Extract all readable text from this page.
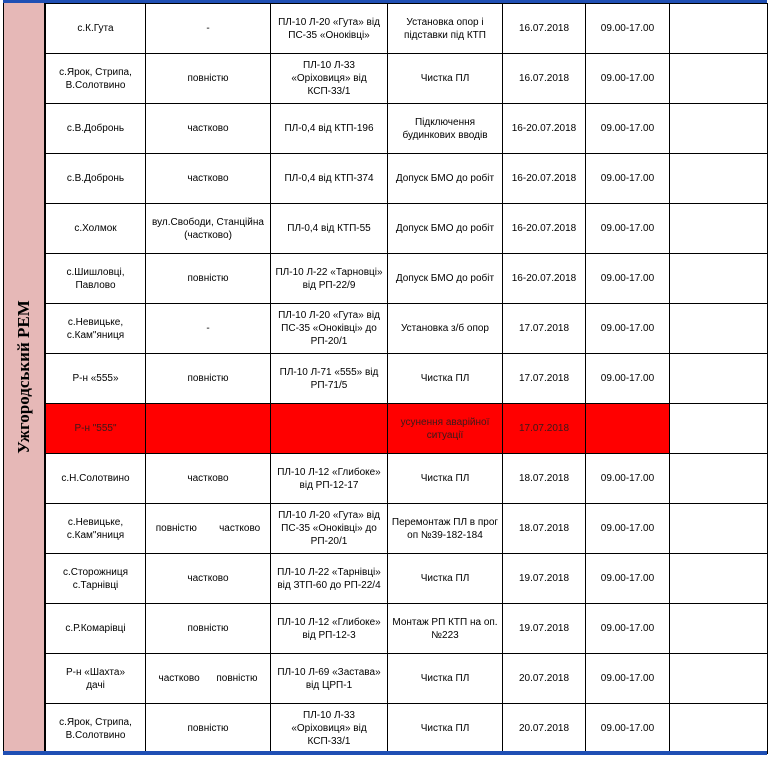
Ужгородський РЕМ
с.К.Гута	-	ПЛ-10 Л-20 «Гута» від ПС-35 «Оноківці»	Установка опор і підставки під КТП	16.07.2018	09.00-17.00	
с.Ярок, Стрипа, В.Солотвино	повністю	ПЛ-10 Л-33 «Оріховиця» від КСП-33/1	Чистка ПЛ	16.07.2018	09.00-17.00	
с.В.Добронь	частково	ПЛ-0,4 від КТП-196	Підключення будинкових вводів	16-20.07.2018	09.00-17.00	
с.В.Добронь	частково	ПЛ-0,4 від КТП-374	Допуск БМО до робіт	16-20.07.2018	09.00-17.00	
с.Холмок	вул.Свободи, Станційна (частково)	ПЛ-0,4 від КТП-55	Допуск БМО до робіт	16-20.07.2018	09.00-17.00	
с.Шишловці, Павлово	повністю	ПЛ-10 Л-22 «Тарновці» від РП-22/9	Допуск БМО до робіт	16-20.07.2018	09.00-17.00	
с.Невицьке, с.Кам"яниця	-	ПЛ-10 Л-20 «Гута» від ПС-35 «Оноківці» до РП-20/1	Установка з/б опор	17.07.2018	09.00-17.00	
Р-н «555»	повністю	ПЛ-10 Л-71 «555» від РП-71/5	Чистка ПЛ	17.07.2018	09.00-17.00	
Р-н "555"			усунення аварійної ситуації	17.07.2018		
с.Н.Солотвино	частково	ПЛ-10 Л-12 «Глибоке» від РП-12-17	Чистка ПЛ	18.07.2018	09.00-17.00	
с.Невицьке, с.Кам"яниця	повністю        частково	ПЛ-10 Л-20 «Гута» від ПС-35 «Оноківці» до РП-20/1	Перемонтаж ПЛ в прог оп №39-182-184	18.07.2018	09.00-17.00	
с.Сторожниця с.Тарнівці	частково	ПЛ-10 Л-22 «Тарнівці» від ЗТП-60 до РП-22/4	Чистка ПЛ	19.07.2018	09.00-17.00	
с.Р.Комарівці	повністю	ПЛ-10 Л-12 «Глибоке» від РП-12-3	Монтаж РП КТП на оп. №223	19.07.2018	09.00-17.00	
Р-н «Шахта»      дачі	частково      повністю	ПЛ-10 Л-69 «Застава» від ЦРП-1	Чистка ПЛ	20.07.2018	09.00-17.00	
с.Ярок, Стрипа, В.Солотвино	повністю	ПЛ-10 Л-33 «Оріховиця» від КСП-33/1	Чистка ПЛ	20.07.2018	09.00-17.00	
